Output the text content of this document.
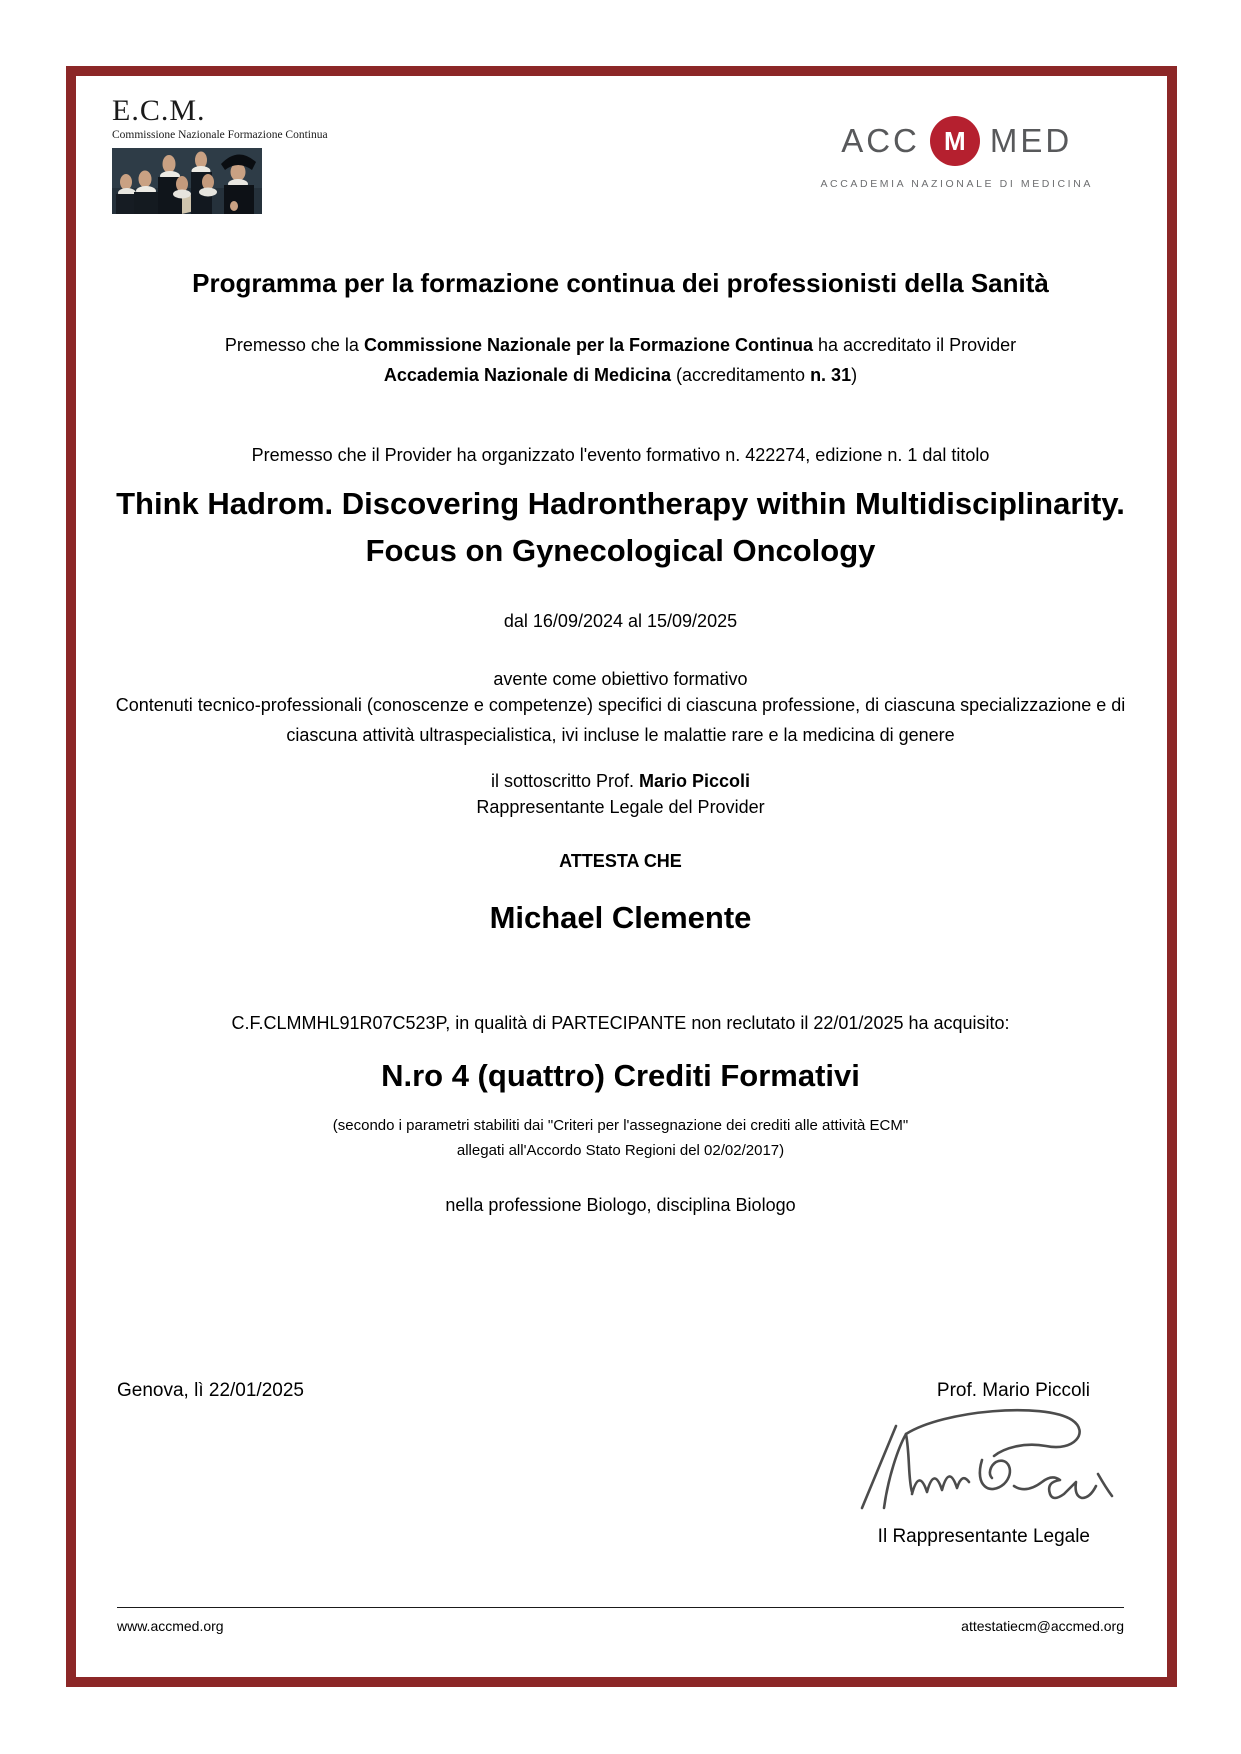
E.C.M.
Commissione Nazionale Formazione Continua	ACC M MED
ACCADEMIA NAZIONALE DI MEDICINA
Programma per la formazione continua dei professionisti della Sanità

Premesso che la Commissione Nazionale per la Formazione Continua ha accreditato il Provider

Accademia Nazionale di Medicina (accreditamento n. 31)

Premesso che il Provider ha organizzato l'evento formativo n. 422274, edizione n. 1 dal titolo

Think Hadrom. Discovering Hadrontherapy within Multidisciplinarity. Focus on Gynecological Oncology

dal 16/09/2024 al 15/09/2025

avente come obiettivo formativo

Contenuti tecnico-professionali (conoscenze e competenze) specifici di ciascuna professione, di ciascuna specializzazione e di ciascuna attività ultraspecialistica, ivi incluse le malattie rare e la medicina di genere

il sottoscritto Prof. Mario Piccoli

Rappresentante Legale del Provider

ATTESTA CHE

Michael Clemente

C.F.CLMMHL91R07C523P, in qualità di PARTECIPANTE non reclutato il 22/01/2025 ha acquisito:

N.ro 4 (quattro) Crediti Formativi

(secondo i parametri stabiliti dai "Criteri per l'assegnazione dei crediti alle attività ECM"

allegati all'Accordo Stato Regioni del 02/02/2017)

nella professione Biologo, disciplina Biologo

Genova, lì 22/01/2025	Prof. Mario Piccoli

Il Rappresentante Legale

www.accmed.org	attestatiecm@accmed.org
